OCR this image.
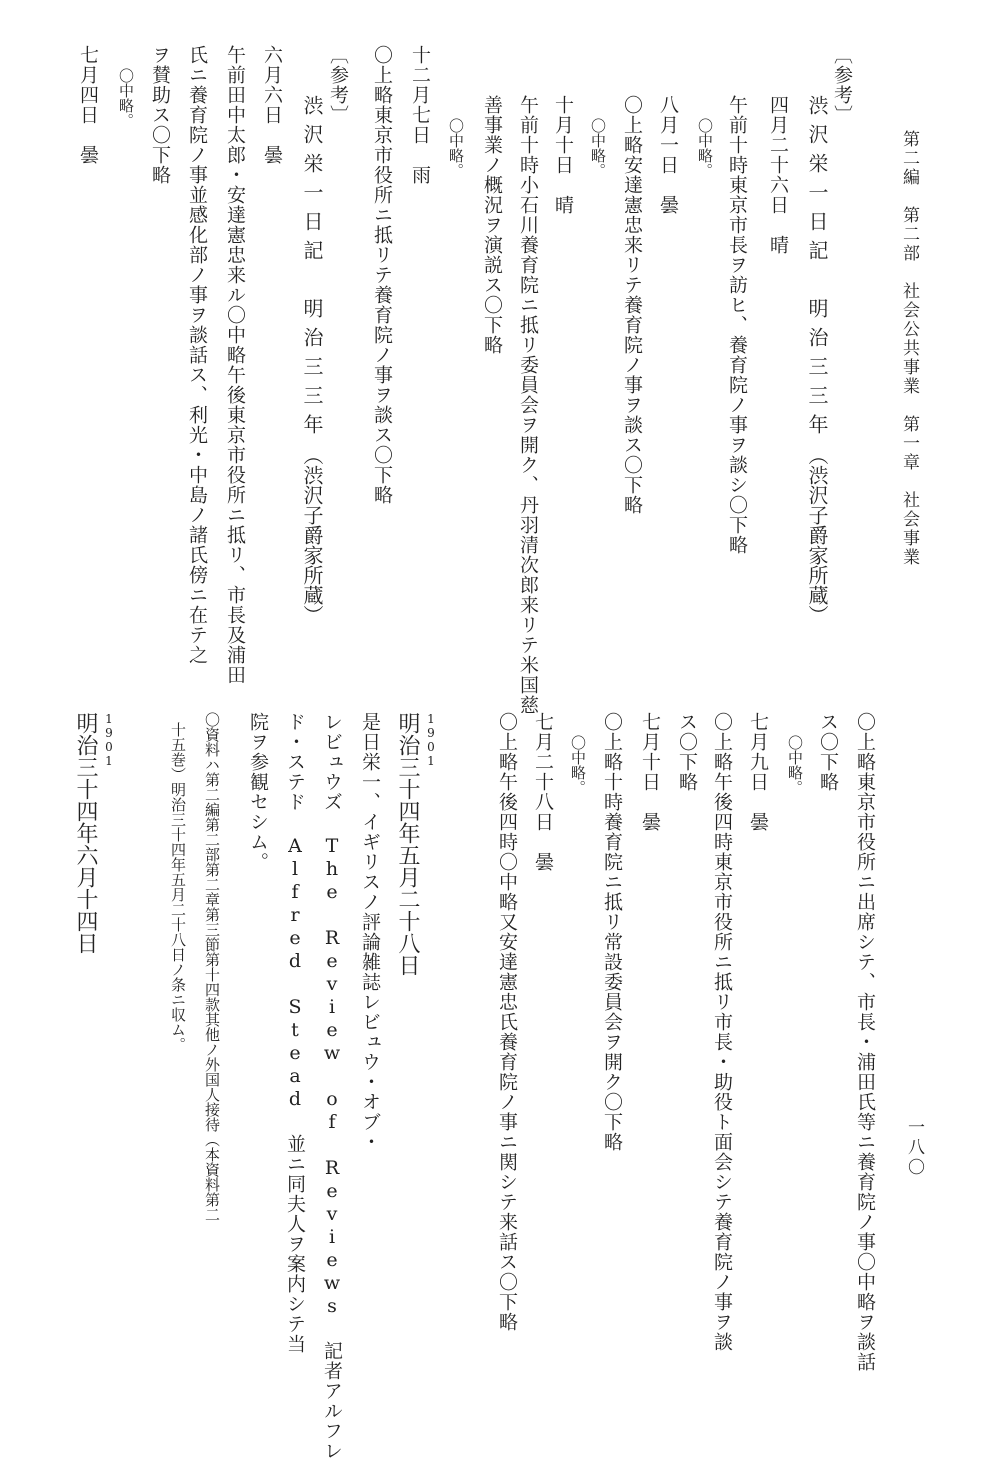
第二編　第二部　社会公共事業　第一章　社会事業
一八〇
〔参考〕
渋沢栄一日記　明治三三年
（渋沢子爵家所蔵）
四月二十六日　晴
午前十時東京市長ヲ訪ヒ、養育院ノ事ヲ談シ〇下略
〇中略。
八月一日　曇
〇上略安達憲忠来リテ養育院ノ事ヲ談ス〇下略
〇中略。
十月十日　晴
午前十時小石川養育院ニ抵リ委員会ヲ開ク、丹羽清次郎来リテ米国慈
善事業ノ概況ヲ演説ス〇下略
〇中略。
十二月七日　雨
〇上略東京市役所ニ抵リテ養育院ノ事ヲ談ス〇下略
〔参考〕
渋沢栄一日記　明治三三年
（渋沢子爵家所蔵）
六月六日　曇
午前田中太郎・安達憲忠来ル〇中略午後東京市役所ニ抵リ、市長及浦田
氏ニ養育院ノ事並感化部ノ事ヲ談話ス、利光・中島ノ諸氏傍ニ在テ之
ヲ賛助ス〇下略
〇中略。
七月四日　曇
〇上略東京市役所ニ出席シテ、市長・浦田氏等ニ養育院ノ事〇中略ヲ談話
ス〇下略
〇中略。
七月九日　曇
〇上略午後四時東京市役所ニ抵リ市長・助役ト面会シテ養育院ノ事ヲ談
ス〇下略
七月十日　曇
〇上略十時養育院ニ抵リ常設委員会ヲ開ク〇下略
〇中略。
七月二十八日　曇
〇上略午後四時〇中略又安達憲忠氏養育院ノ事ニ関シテ来話ス〇下略
1901
明治三十四年五月二十八日
是日栄一、イギリスノ評論雑誌レビュウ・オブ・
レビュウズ The Review of Reviews 記者アルフレ
ド・ステド Alfred Stead 並ニ同夫人ヲ案内シテ当
院ヲ参観セシム。
〇資料ハ第二編第二部第二章第三節第十四款其他ノ外国人接待（本資料第二
十五巻）明治三十四年五月二十八日ノ条ニ収ム。
1901
明治三十四年六月十四日
